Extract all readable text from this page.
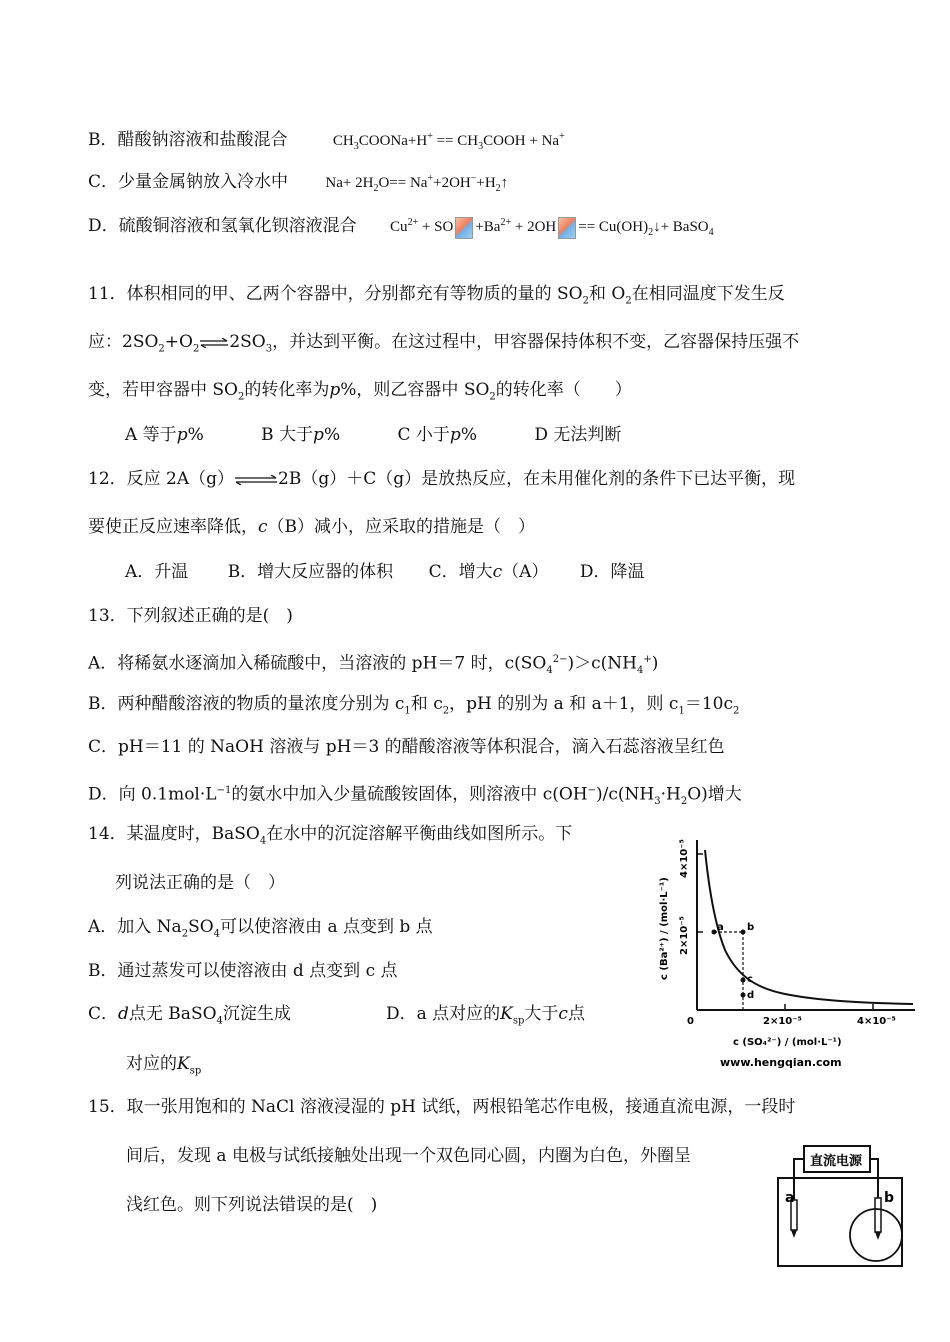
B．醋酸钠溶液和盐酸混合	$CH_3COONa+H^+$ == $CH_3COOH + Na^+$
C．少量金属钠放入冷水中 $Na+ 2H_2O==$ $Na^++2OH^-+H_2↑$
D．硫酸铜溶液和氢氧化钡溶液混合 $Cu^{2+}$ + SO $+Ba^{2+} + 2OH$ == $Cu(OH)_2↓+$ BaSO$_4$
11．体积相同的甲、乙两个容器中，分别都充有等物质的量的 $SO_2$和 $O_2$在相同温度下发生反
应：$2SO_2+O_2$ $\rightleftharpoons 2SO_3$，并达到平衡。在这过程中，甲容器保持体积不变，乙容器保持压强不
变，若甲容器中 $SO_2$的转化率为p%，则乙容器中 $SO_2$的转化率（　　）
A 等于p%	B 大于p%	C 小于p%	D 无法判断
12．反应 2A（g）⇌2B（g）＋C（g）是放热反应，在未用催化剂的条件下已达平衡，现
要使正反应速率降低，c（B）减小，应采取的措施是（　）
A．升温 B．增大反应器的体积 C．增大c（A） D．降温
13．下列叙述正确的是(　)
A．将稀氨水逐滴加入稀硫酸中，当溶液的 pH＝7 时，$c(SO_4^{2-})>c(NH_4^+)$
B．两种醋酸溶液的物质的量浓度分别为 $c_1$和 $c_2$，pH 的别为 a 和 a＋1，则 $c_1=10c_2$
C．pH＝11 的 NaOH 溶液与 pH＝3 的醋酸溶液等体积混合，滴入石蕊溶液呈红色
D．向 $0.1mol\cdot L^{-1}$的氨水中加入少量硫酸铵固体，则溶液中 $c(OH^-)/c(NH_3\cdot H_2O)$增大
14．某温度时，BaSO$_4$在水中的沉淀溶解平衡曲线如图所示。下
列说法正确的是（　）
A．加入 $Na_2SO_4$可以使溶液由 a 点变到 b 点
B．通过蒸发可以使溶液由 d 点变到 c 点
C．d点无 BaSO$_4$沉淀生成	D．a 点对应的$K_{sp}$大于c点
对应的$K_{sp}$
a b
c
d
0	2×10⁻⁵	4×10⁻⁵
2×10⁻⁵
4×10⁻⁵
c (Ba²⁺) / (mol·L⁻¹)
c (SO₄²⁻) / (mol·L⁻¹)
www.hengqian.com
15．取一张用饱和的 NaCl 溶液浸湿的 pH 试纸，两根铅笔芯作电极，接通直流电源，一段时
间后，发现 a 电极与试纸接触处出现一个双色同心圆，内圈为白色，外圈呈
浅红色。则下列说法错误的是(　)
直流电源
a	b
